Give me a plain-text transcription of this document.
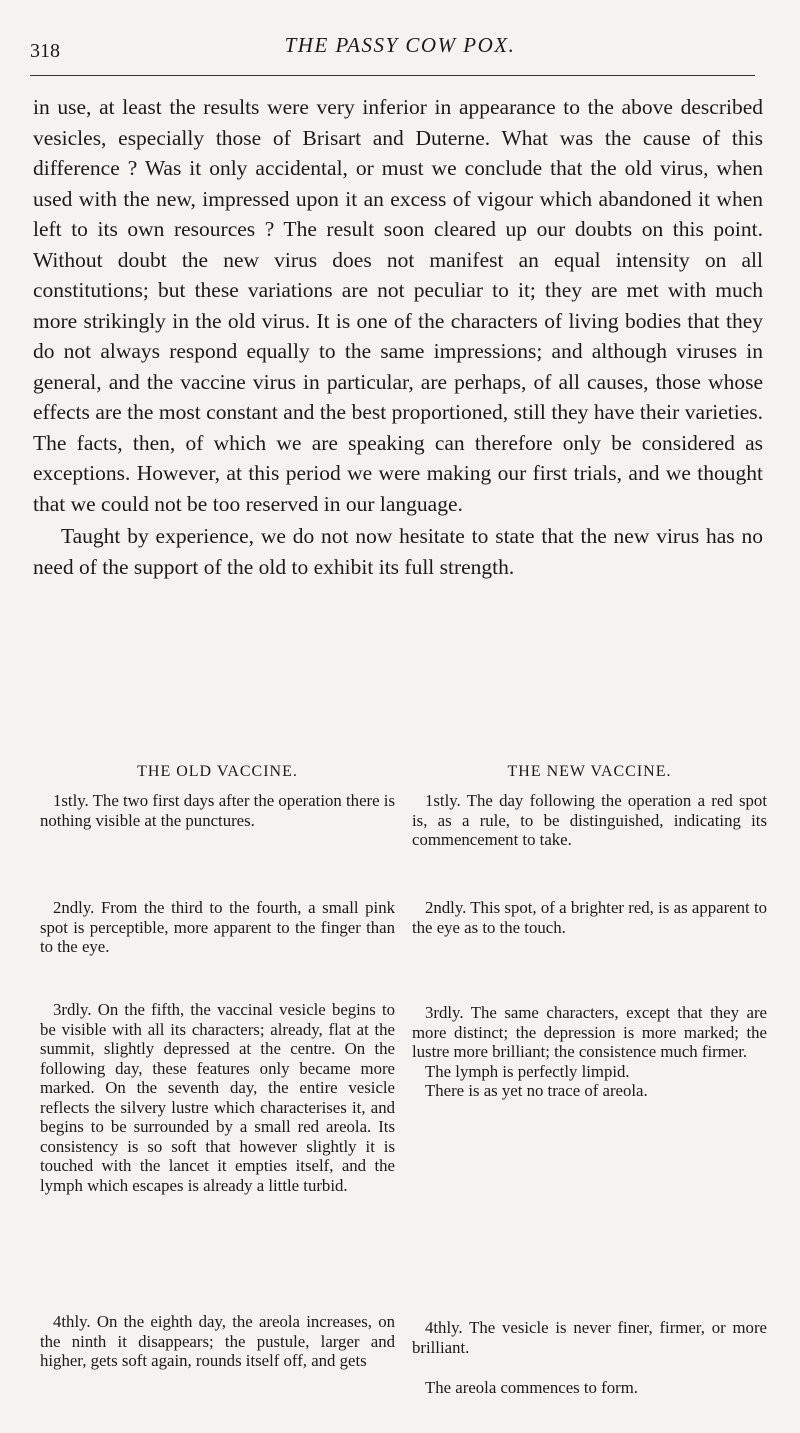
318	THE PASSY COW POX.

in use, at least the results were very inferior in appearance to the above described vesicles, especially those of Brisart and Duterne. What was the cause of this difference ? Was it only accidental, or must we conclude that the old virus, when used with the new, impressed upon it an excess of vigour which abandoned it when left to its own resources ? The result soon cleared up our doubts on this point. Without doubt the new virus does not manifest an equal intensity on all constitutions; but these variations are not peculiar to it; they are met with much more strikingly in the old virus. It is one of the characters of living bodies that they do not always respond equally to the same impressions; and although viruses in general, and the vaccine virus in particular, are perhaps, of all causes, those whose effects are the most constant and the best proportioned, still they have their varieties. The facts, then, of which we are speaking can therefore only be considered as exceptions. However, at this period we were making our first trials, and we thought that we could not be too reserved in our language.

Taught by experience, we do not now hesitate to state that the new virus has no need of the support of the old to exhibit its full strength.

THE OLD VACCINE.

1stly. The two first days after the operation there is nothing visible at the punctures.

2ndly. From the third to the fourth, a small pink spot is perceptible, more apparent to the finger than to the eye.

3rdly. On the fifth, the vaccinal vesicle begins to be visible with all its characters; already, flat at the summit, slightly depressed at the centre. On the following day, these features only became more marked. On the seventh day, the entire vesicle reflects the silvery lustre which characterises it, and begins to be surrounded by a small red areola. Its consistency is so soft that however slightly it is touched with the lancet it empties itself, and the lymph which escapes is already a little turbid.

4thly. On the eighth day, the areola increases, on the ninth it disappears; the pustule, larger and higher, gets soft again, rounds itself off, and gets

THE NEW VACCINE.

1stly. The day following the operation a red spot is, as a rule, to be distinguished, indicating its commencement to take.

2ndly. This spot, of a brighter red, is as apparent to the eye as to the touch.

3rdly. The same characters, except that they are more distinct; the depression is more marked; the lustre more brilliant; the consistence much firmer.

The lymph is perfectly limpid.

There is as yet no trace of areola.

4thly. The vesicle is never finer, firmer, or more brilliant.

The areola commences to form.
